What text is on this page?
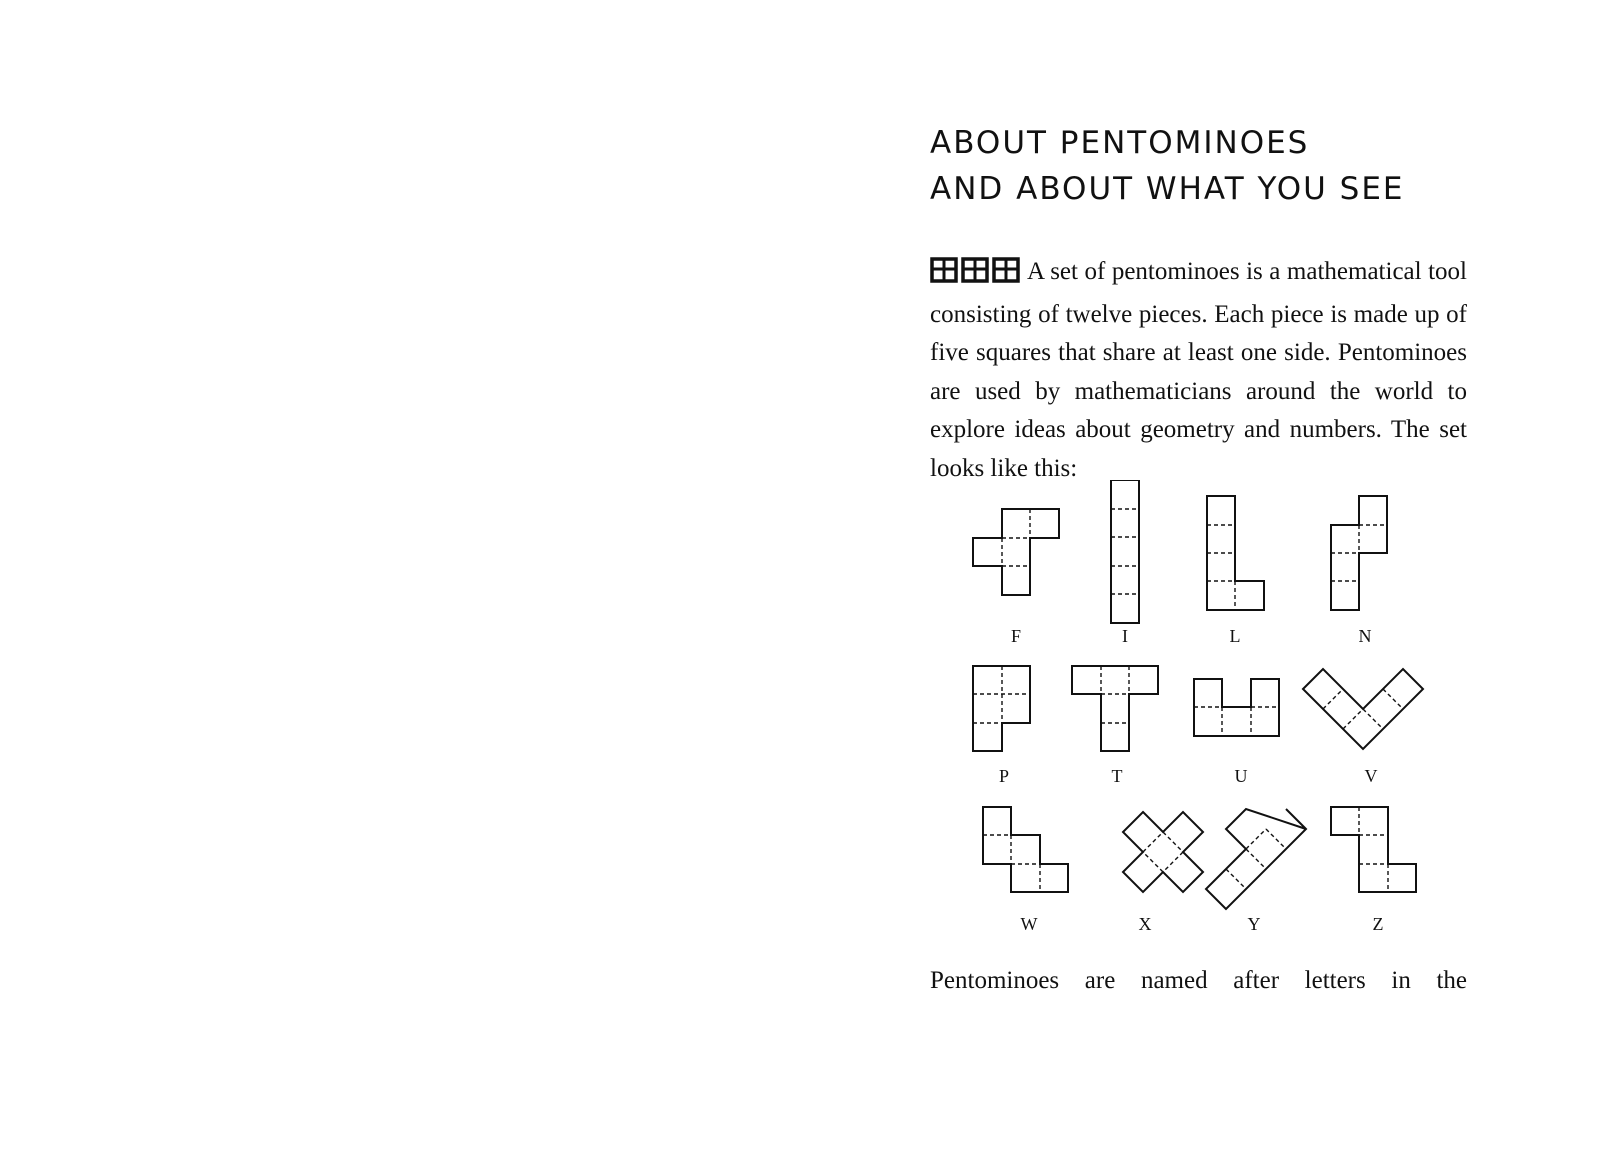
ABOUT PENTOMINOES
AND ABOUT WHAT YOU SEE
A set of pentominoes is a mathematical tool consisting of twelve pieces. Each piece is made up of five squares that share at least one side. Pentominoes are used by mathematicians around the world to explore ideas about geometry and numbers. The set looks like this:
F	I	L	N
P	T	U	V
W	X	Y	Z
Pentominoes are named after letters in the
